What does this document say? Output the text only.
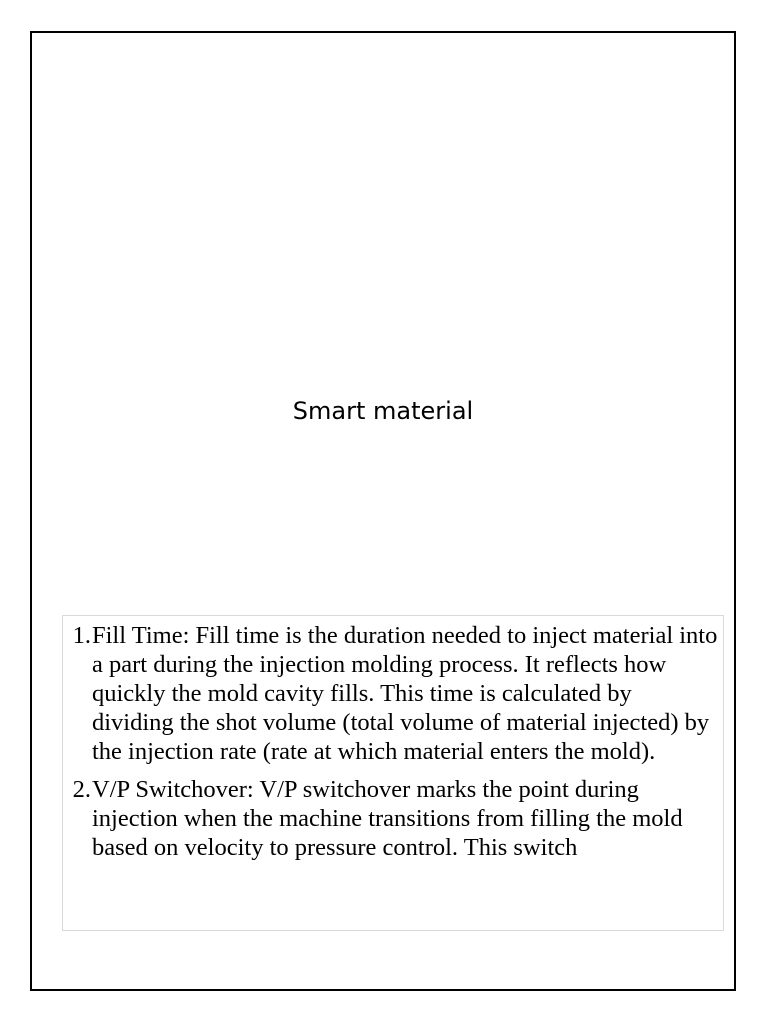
Smart material
1. Fill Time: Fill time is the duration needed to inject material into a part during the injection molding process. It reflects how quickly the mold cavity fills. This time is calculated by dividing the shot volume (total volume of material injected) by the injection rate (rate at which material enters the mold).
2. V/P Switchover: V/P switchover marks the point during injection when the machine transitions from filling the mold based on velocity to pressure control. This switch
